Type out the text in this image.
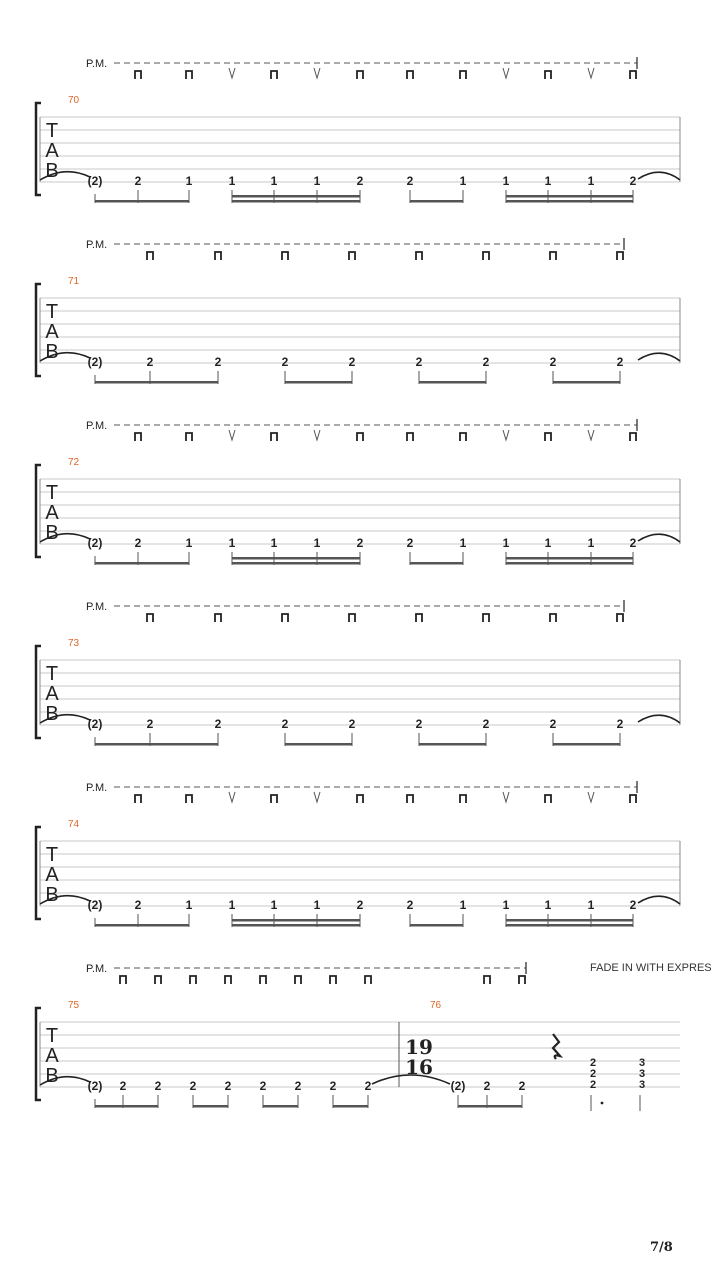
T
A
B
P.M.
70
(2)	2	1	1	1	1	2	2	1	1	1	1	2
T
A
B
P.M.
71
(2)	2	2	2	2	2	2	2	2
T
A
B
P.M.
72
(2)	2	1	1	1	1	2	2	1	1	1	1	2
T
A
B
P.M.
73
(2)	2	2	2	2	2	2	2	2
T
A
B
P.M.
74
(2)	2	1	1	1	1	2	2	1	1	1	1	2
T
A
B
75	76
P.M.
(2) 2 2 2 2 2 2 2 2
19
16
(2) 2 2
2
2
2
3
3
3
FADE IN WITH EXPRES
7/8
